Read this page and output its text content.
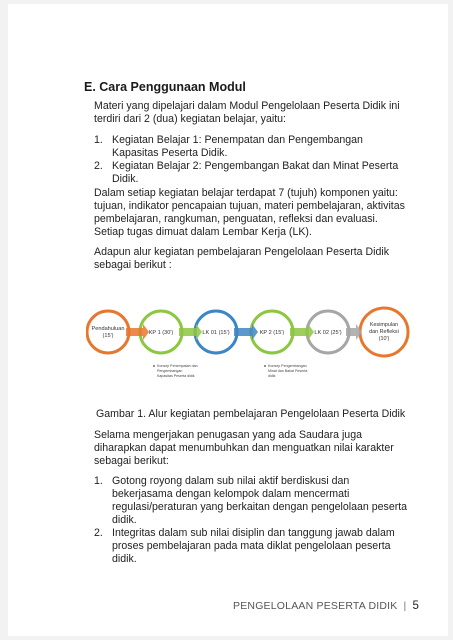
E. Cara Penggunaan Modul
Materi yang dipelajari dalam Modul Pengelolaan Peserta Didik ini
terdiri dari 2 (dua) kegiatan belajar, yaitu:
1. Kegiatan Belajar 1: Penempatan dan Pengembangan
Kapasitas Peserta Didik.
2. Kegiatan Belajar 2: Pengembangan Bakat dan Minat Peserta
Didik.
Dalam setiap kegiatan belajar terdapat 7 (tujuh) komponen yaitu:
tujuan, indikator pencapaian tujuan, materi pembelajaran, aktivitas
pembelajaran, rangkuman, penguatan, refleksi dan evaluasi.
Setiap tugas dimuat dalam Lembar Kerja (LK).
Adapun alur kegiatan pembelajaran Pengelolaan Peserta Didik
sebagai berikut :
Pendahuluan
(15')	KP 1 (30')	LK 01 (15')	KP 2 (15')	LK 02 (25')
Kesimpulan
dan Refleksi
(10')
Konsep Penempatan dan
Pengembangan
Kapasitas Peserta didik
Konsep Pengembangan
Minat dan Bakat Peserta
didik
Gambar 1. Alur kegiatan pembelajaran Pengelolaan Peserta Didik
Selama mengerjakan penugasan yang ada Saudara juga
diharapkan dapat menumbuhkan dan menguatkan nilai karakter
sebagai berikut:
1. Gotong royong dalam sub nilai aktif berdiskusi dan
bekerjasama dengan kelompok dalam mencermati
regulasi/peraturan yang berkaitan dengan pengelolaan peserta
didik.
2. Integritas dalam sub nilai disiplin dan tanggung jawab dalam
proses pembelajaran pada mata diklat pengelolaan peserta
didik.
PENGELOLAAN PESERTA DIDIK | 5
